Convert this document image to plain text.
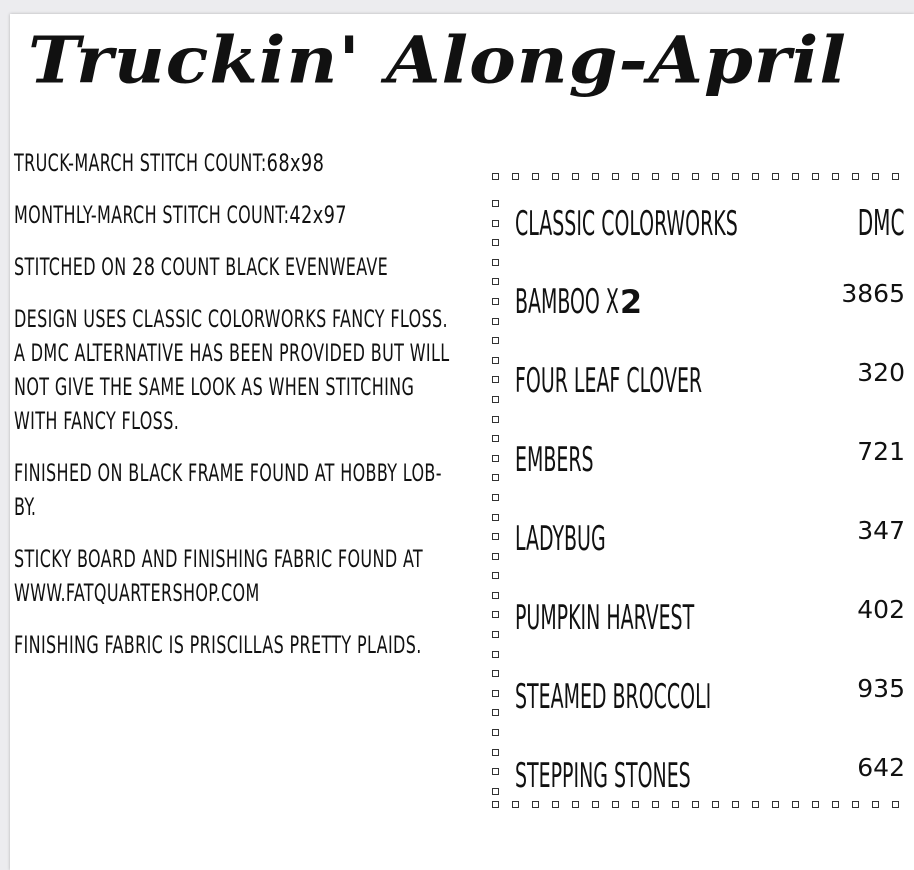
Truckin' Along-April

TRUCK-MARCH STITCH COUNT:68x98

MONTHLY-MARCH STITCH COUNT:42x97

STITCHED ON 28 COUNT BLACK EVENWEAVE

DESIGN USES CLASSIC COLORWORKS FANCY FLOSS.
A DMC ALTERNATIVE HAS BEEN PROVIDED BUT WILL
NOT GIVE THE SAME LOOK AS WHEN STITCHING
WITH FANCY FLOSS.

FINISHED ON BLACK FRAME FOUND AT HOBBY LOB-
BY.

STICKY BOARD AND FINISHING FABRIC FOUND AT
WWW.FATQUARTERSHOP.COM

FINISHING FABRIC IS PRISCILLAS PRETTY PLAIDS.

CLASSIC COLORWORKS	DMC
BAMBOO X 2	3865
FOUR LEAF CLOVER	320
EMBERS	721
LADYBUG	347
PUMPKIN HARVEST	402
STEAMED BROCCOLI	935
STEPPING STONES	642
